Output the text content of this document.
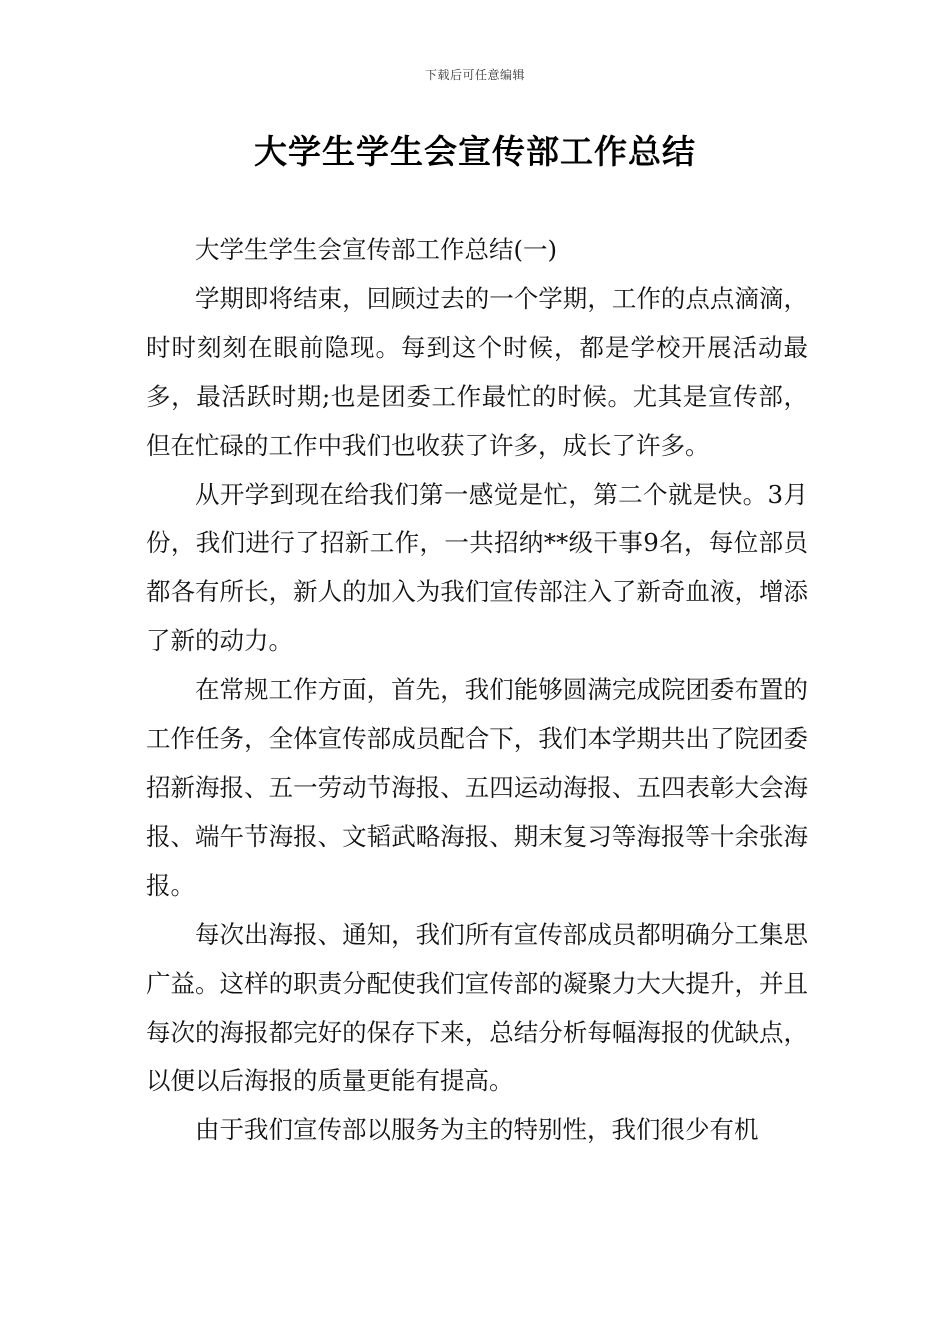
下载后可任意编辑
大学生学生会宣传部工作总结

大学生学生会宣传部工作总结(一)

学期即将结束，回顾过去的一个学期，工作的点点滴滴，时时刻刻在眼前隐现。每到这个时候，都是学校开展活动最多，最活跃时期;也是团委工作最忙的时候。尤其是宣传部，但在忙碌的工作中我们也收获了许多，成长了许多。

从开学到现在给我们第一感觉是忙，第二个就是快。3月份，我们进行了招新工作，一共招纳**级干事9名，每位部员都各有所长，新人的加入为我们宣传部注入了新奇血液，增添了新的动力。

在常规工作方面，首先，我们能够圆满完成院团委布置的工作任务，全体宣传部成员配合下，我们本学期共出了院团委招新海报、五一劳动节海报、五四运动海报、五四表彰大会海报、端午节海报、文韬武略海报、期末复习等海报等十余张海报。

每次出海报、通知，我们所有宣传部成员都明确分工集思广益。这样的职责分配使我们宣传部的凝聚力大大提升，并且每次的海报都完好的保存下来，总结分析每幅海报的优缺点，以便以后海报的质量更能有提高。

由于我们宣传部以服务为主的特别性，我们很少有机
